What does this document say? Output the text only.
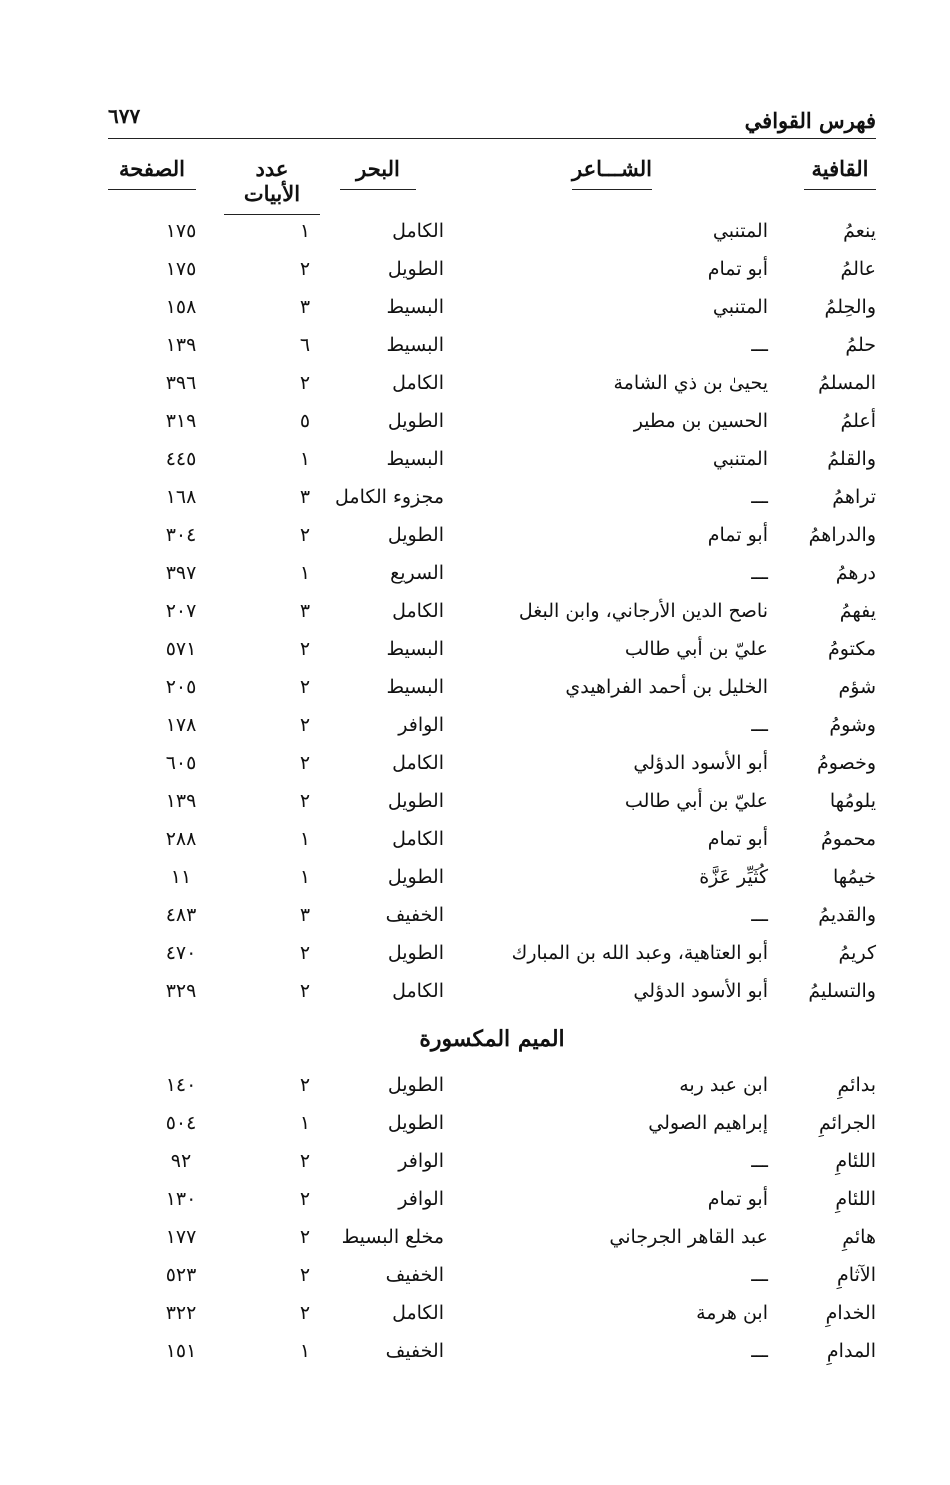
فهرس القوافي
٦٧٧
القافية
الشـــاعر
البحر
عدد الأبيات
الصفحة
ينعمُ
المتنبي
الكامل
١
١٧٥
عالمُ
أبو تمام
الطويل
٢
١٧٥
والحِلمُ
المتنبي
البسيط
٣
١٥٨
حلمُ
ـــ
البسيط
٦
١٣٩
المسلمُ
يحيىٰ بن ذي الشامة
الكامل
٢
٣٩٦
أعلمُ
الحسين بن مطير
الطويل
٥
٣١٩
والقلمُ
المتنبي
البسيط
١
٤٤٥
تراهمُ
ـــ
مجزوء الكامل
٣
١٦٨
والدراهمُ
أبو تمام
الطويل
٢
٣٠٤
درهمُ
ـــ
السريع
١
٣٩٧
يفهمُ
ناصح الدين الأرجاني، وابن البغل
الكامل
٣
٢٠٧
مكتومُ
عليّ بن أبي طالب
البسيط
٢
٥٧١
شؤم
الخليل بن أحمد الفراهيدي
البسيط
٢
٢٠٥
وشومُ
ـــ
الوافر
٢
١٧٨
وخصومُ
أبو الأسود الدؤلي
الكامل
٢
٦٠٥
يلومُها
عليّ بن أبي طالب
الطويل
٢
١٣٩
محمومُ
أبو تمام
الكامل
١
٢٨٨
خيمُها
كُثَيِّر عَزَّة
الطويل
١
١١
والقديمُ
ـــ
الخفيف
٣
٤٨٣
كريمُ
أبو العتاهية، وعبد الله بن المبارك
الطويل
٢
٤٧٠
والتسليمُ
أبو الأسود الدؤلي
الكامل
٢
٣٢٩
الميم المكسورة
بدائمِ
ابن عبد ربه
الطويل
٢
١٤٠
الجرائمِ
إبراهيم الصولي
الطويل
١
٥٠٤
اللئامِ
ـــ
الوافر
٢
٩٢
اللئامِ
أبو تمام
الوافر
٢
١٣٠
هائمِ
عبد القاهر الجرجاني
مخلع البسيط
٢
١٧٧
الآثامِ
ـــ
الخفيف
٢
٥٢٣
الخدامِ
ابن هرمة
الكامل
٢
٣٢٢
المدامِ
ـــ
الخفيف
١
١٥١
